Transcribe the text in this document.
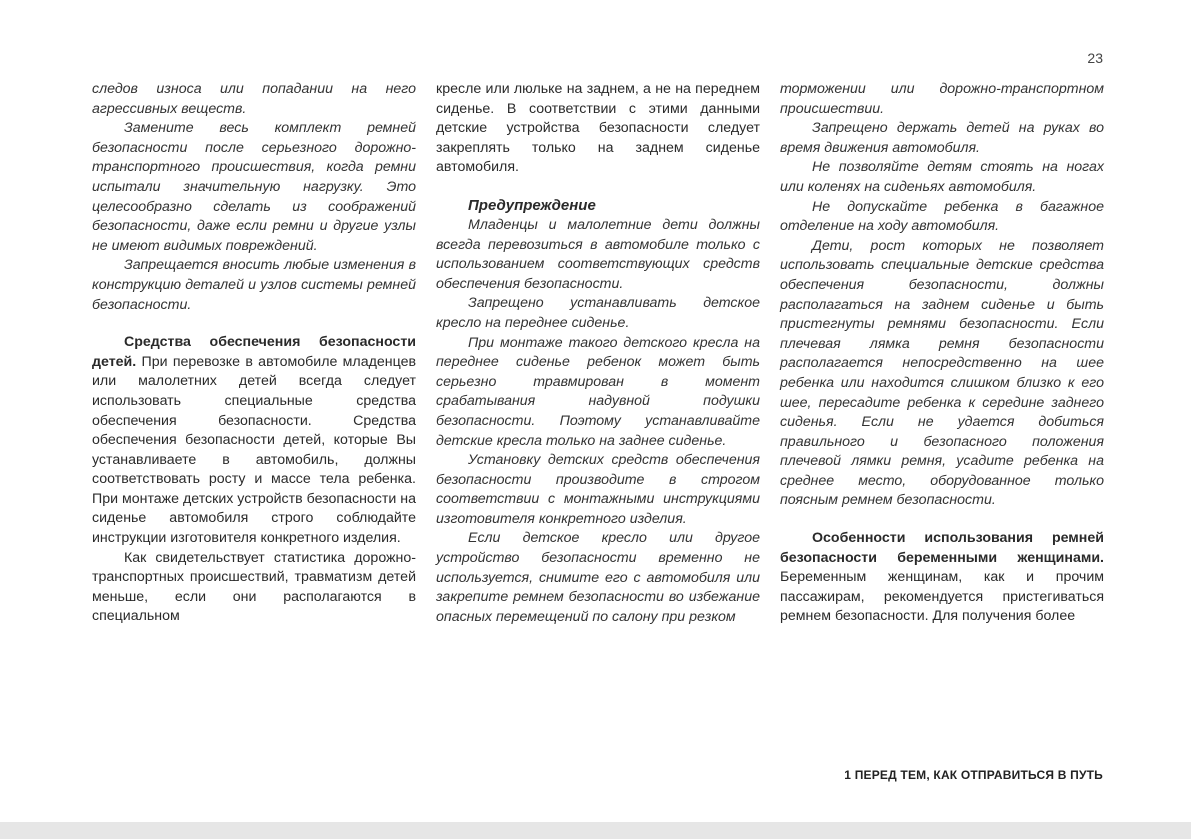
23

следов износа или попадании на него агрессивных веществ.

Замените весь комплект ремней безопасности после серьезного дорожно-транспортного происшествия, когда ремни испытали значительную нагрузку. Это целесообразно сделать из соображений безопасности, даже если ремни и другие узлы не имеют видимых повреждений.

Запрещается вносить любые изменения в конструкцию деталей и узлов системы ремней безопасности.

Средства обеспечения безопасности детей. При перевозке в автомобиле младенцев или малолетних детей всегда следует использовать специальные средства обеспечения безопасности. Средства обеспечения безопасности детей, которые Вы устанавливаете в автомобиль, должны соответствовать росту и массе тела ребенка. При монтаже детских устройств безопасности на сиденье автомобиля строго соблюдайте инструкции изготовителя конкретного изделия.

Как свидетельствует статистика дорожно-транспортных происшествий, травматизм детей меньше, если они располагаются в специальном

кресле или люльке на заднем, а не на переднем сиденье. В соответствии с этими данными детские устройства безопасности следует закреплять только на заднем сиденье автомобиля.

Предупреждение

Младенцы и малолетние дети должны всегда перевозиться в автомобиле только с использованием соответствующих средств обеспечения безопасности.

Запрещено устанавливать детское кресло на переднее сиденье.

При монтаже такого детского кресла на переднее сиденье ребенок может быть серьезно травмирован в момент срабатывания надувной подушки безопасности. Поэтому устанавливайте детские кресла только на заднее сиденье.

Установку детских средств обеспечения безопасности производите в строгом соответствии с монтажными инструкциями изготовителя конкретного изделия.

Если детское кресло или другое устройство безопасности временно не используется, снимите его с автомобиля или закрепите ремнем безопасности во избежание опасных перемещений по салону при резком

торможении или дорожно-транспортном происшествии.

Запрещено держать детей на руках во время движения автомобиля.

Не позволяйте детям стоять на ногах или коленях на сиденьях автомобиля.

Не допускайте ребенка в багажное отделение на ходу автомобиля.

Дети, рост которых не позволяет использовать специальные детские средства обеспечения безопасности, должны располагаться на заднем сиденье и быть пристегнуты ремнями безопасности. Если плечевая лямка ремня безопасности располагается непосредственно на шее ребенка или находится слишком близко к его шее, пересадите ребенка к середине заднего сиденья. Если не удается добиться правильного и безопасного положения плечевой лямки ремня, усадите ребенка на среднее место, оборудованное только поясным ремнем безопасности.

Особенности использования ремней безопасности беременными женщинами. Беременным женщинам, как и прочим пассажирам, рекомендуется пристегиваться ремнем безопасности. Для получения более

1 ПЕРЕД ТЕМ, КАК ОТПРАВИТЬСЯ В ПУТЬ
